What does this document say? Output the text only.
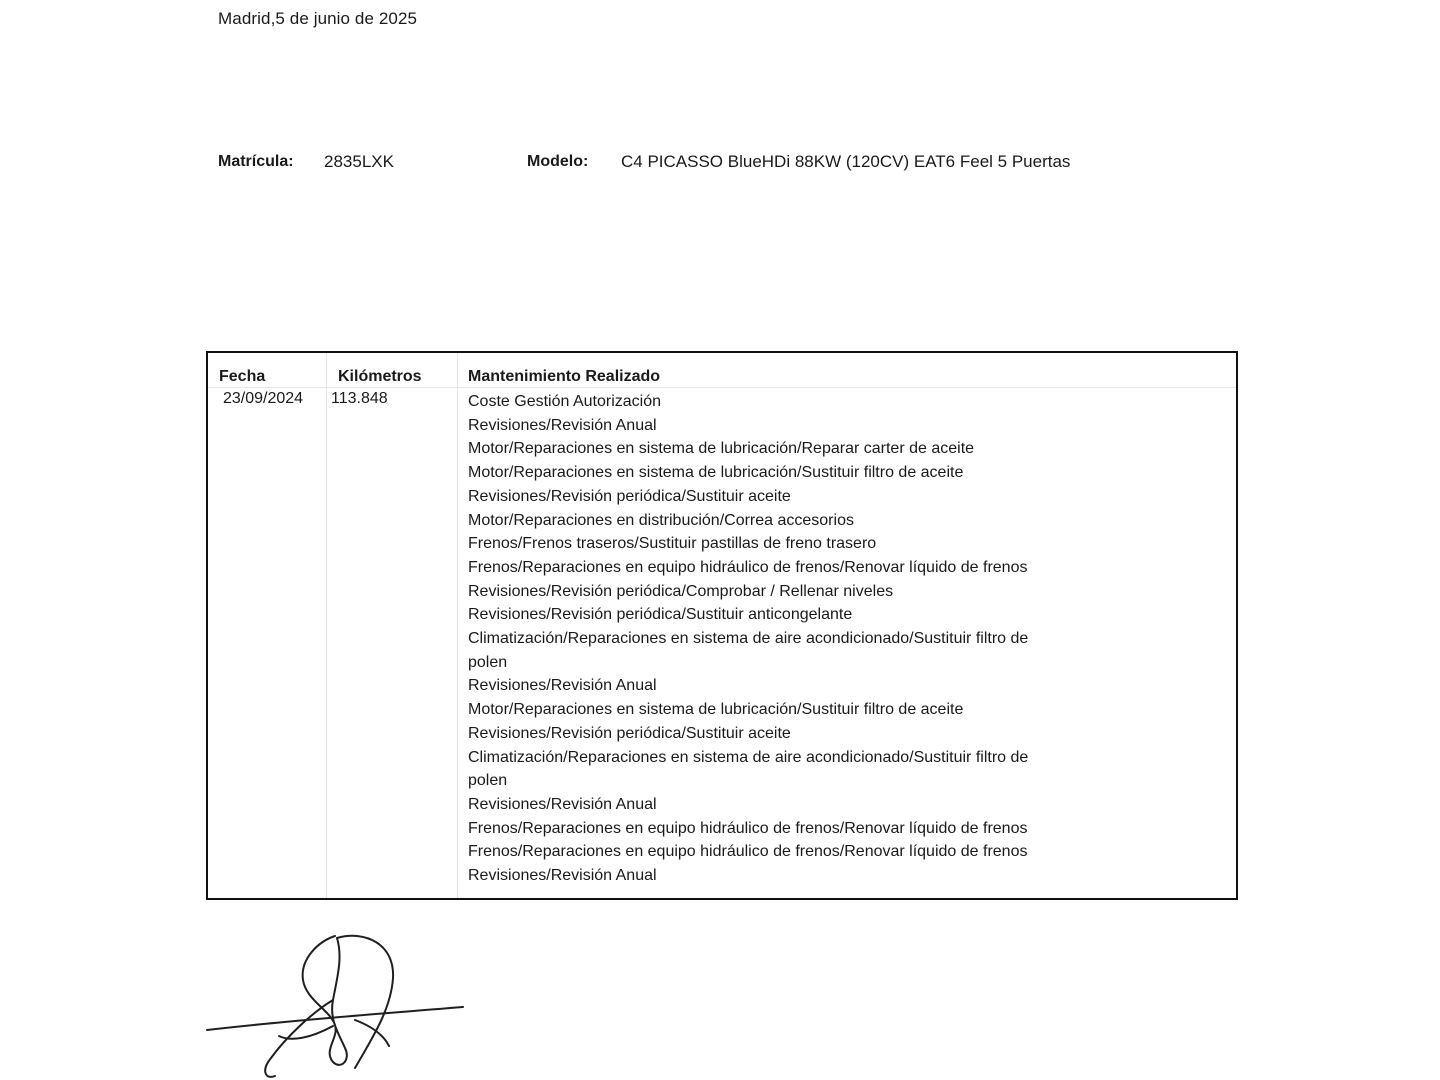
Madrid,5 de junio de 2025
Matrícula: 2835LXK	Modelo: C4 PICASSO BlueHDi 88KW (120CV) EAT6 Feel 5 Puertas
Fecha	Kilómetros	Mantenimiento Realizado
23/09/2024 113.848	Coste Gestión Autorización
Revisiones/Revisión Anual
Motor/Reparaciones en sistema de lubricación/Reparar carter de aceite
Motor/Reparaciones en sistema de lubricación/Sustituir filtro de aceite
Revisiones/Revisión periódica/Sustituir aceite
Motor/Reparaciones en distribución/Correa accesorios
Frenos/Frenos traseros/Sustituir pastillas de freno trasero
Frenos/Reparaciones en equipo hidráulico de frenos/Renovar líquido de frenos
Revisiones/Revisión periódica/Comprobar / Rellenar niveles
Revisiones/Revisión periódica/Sustituir anticongelante
Climatización/Reparaciones en sistema de aire acondicionado/Sustituir filtro de
polen
Revisiones/Revisión Anual
Motor/Reparaciones en sistema de lubricación/Sustituir filtro de aceite
Revisiones/Revisión periódica/Sustituir aceite
Climatización/Reparaciones en sistema de aire acondicionado/Sustituir filtro de
polen
Revisiones/Revisión Anual
Frenos/Reparaciones en equipo hidráulico de frenos/Renovar líquido de frenos
Frenos/Reparaciones en equipo hidráulico de frenos/Renovar líquido de frenos
Revisiones/Revisión Anual
